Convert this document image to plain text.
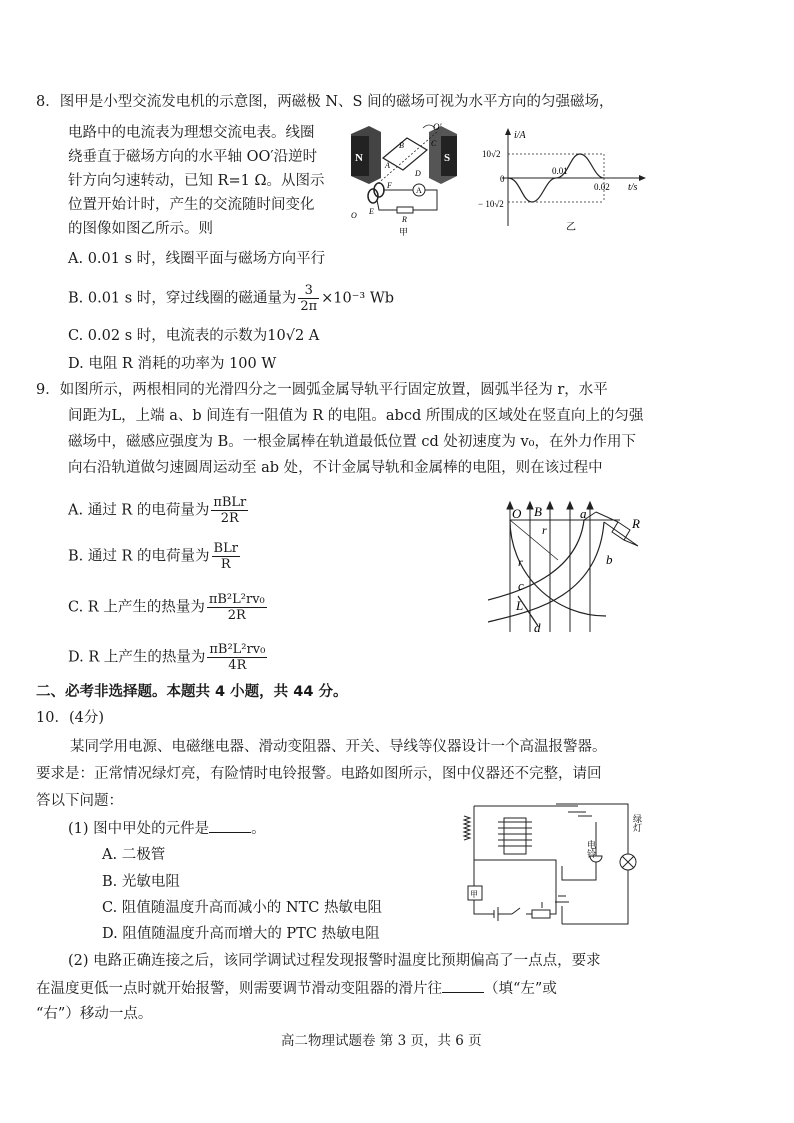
8．图甲是小型交流发电机的示意图，两磁极 N、S 间的磁场可视为水平方向的匀强磁场，
电路中的电流表为理想交流电表。线圈
绕垂直于磁场方向的水平轴 OO′沿逆时
针方向匀速转动，已知 R=1 Ω。从图示
位置开始计时，产生的交流随时间变化
的图像如图乙所示。则
N	S
O′
B	C
A
D
F
E
O
A
R
甲
i/A
t/s
10√2
− 10√2
0
0.01
0.02
乙
A. 0.01 s 时，线圈平面与磁场方向平行
B. 0.01 s 时，穿过线圈的磁通量为 $\frac{3}{2\pi} \times 10^{-3}$ Wb
C. 0.02 s 时，电流表的示数为10√2 A
D. 电阻 R 消耗的功率为 100 W
9．如图所示，两根相同的光滑四分之一圆弧金属导轨平行固定放置，圆弧半径为 r，水平
间距为L，上端 a、b 间连有一阻值为 R 的电阻。abcd 所围成的区域处在竖直向上的匀强
磁场中，磁感应强度为 B。一根金属棒在轨道最低位置 cd 处初速度为 v₀，在外力作用下
向右沿轨道做匀速圆周运动至 ab 处，不计金属导轨和金属棒的电阻，则在该过程中
A. 通过 R 的电荷量为 $\frac{\text{πBLr}}{2R}$
B. 通过 R 的电荷量为 $\frac{\text{BLr}}{R}$
C. R 上产生的热量为 $\frac{\text{πB²L²rv₀}}{2R}$
D. R 上产生的热量为 $\frac{\text{πB²L²rv₀}}{4R}$
O B	a
R
r
r	b
c
L
d
二、必考非选择题。本题共 4 小题，共 44 分。
10．(4分)
某同学用电源、电磁继电器、滑动变阻器、开关、导线等仪器设计一个高温报警器。
要求是：正常情况绿灯亮，有险情时电铃报警。电路如图所示，图中仪器还不完整，请回
答以下问题：
(1) 图中甲处的元件是	。
A. 二极管
B. 光敏电阻
C. 阻值随温度升高而减小的 NTC 热敏电阻
D. 阻值随温度升高而增大的 PTC 热敏电阻
(2) 电路正确连接之后，该同学调试过程发现报警时温度比预期偏高了一点点，要求
在温度更低一点时就开始报警，则需要调节滑动变阻器的滑片往	（填“左”或
“右”）移动一点。
电铃
绿灯
甲
高二物理试题卷 第 3 页，共 6 页
